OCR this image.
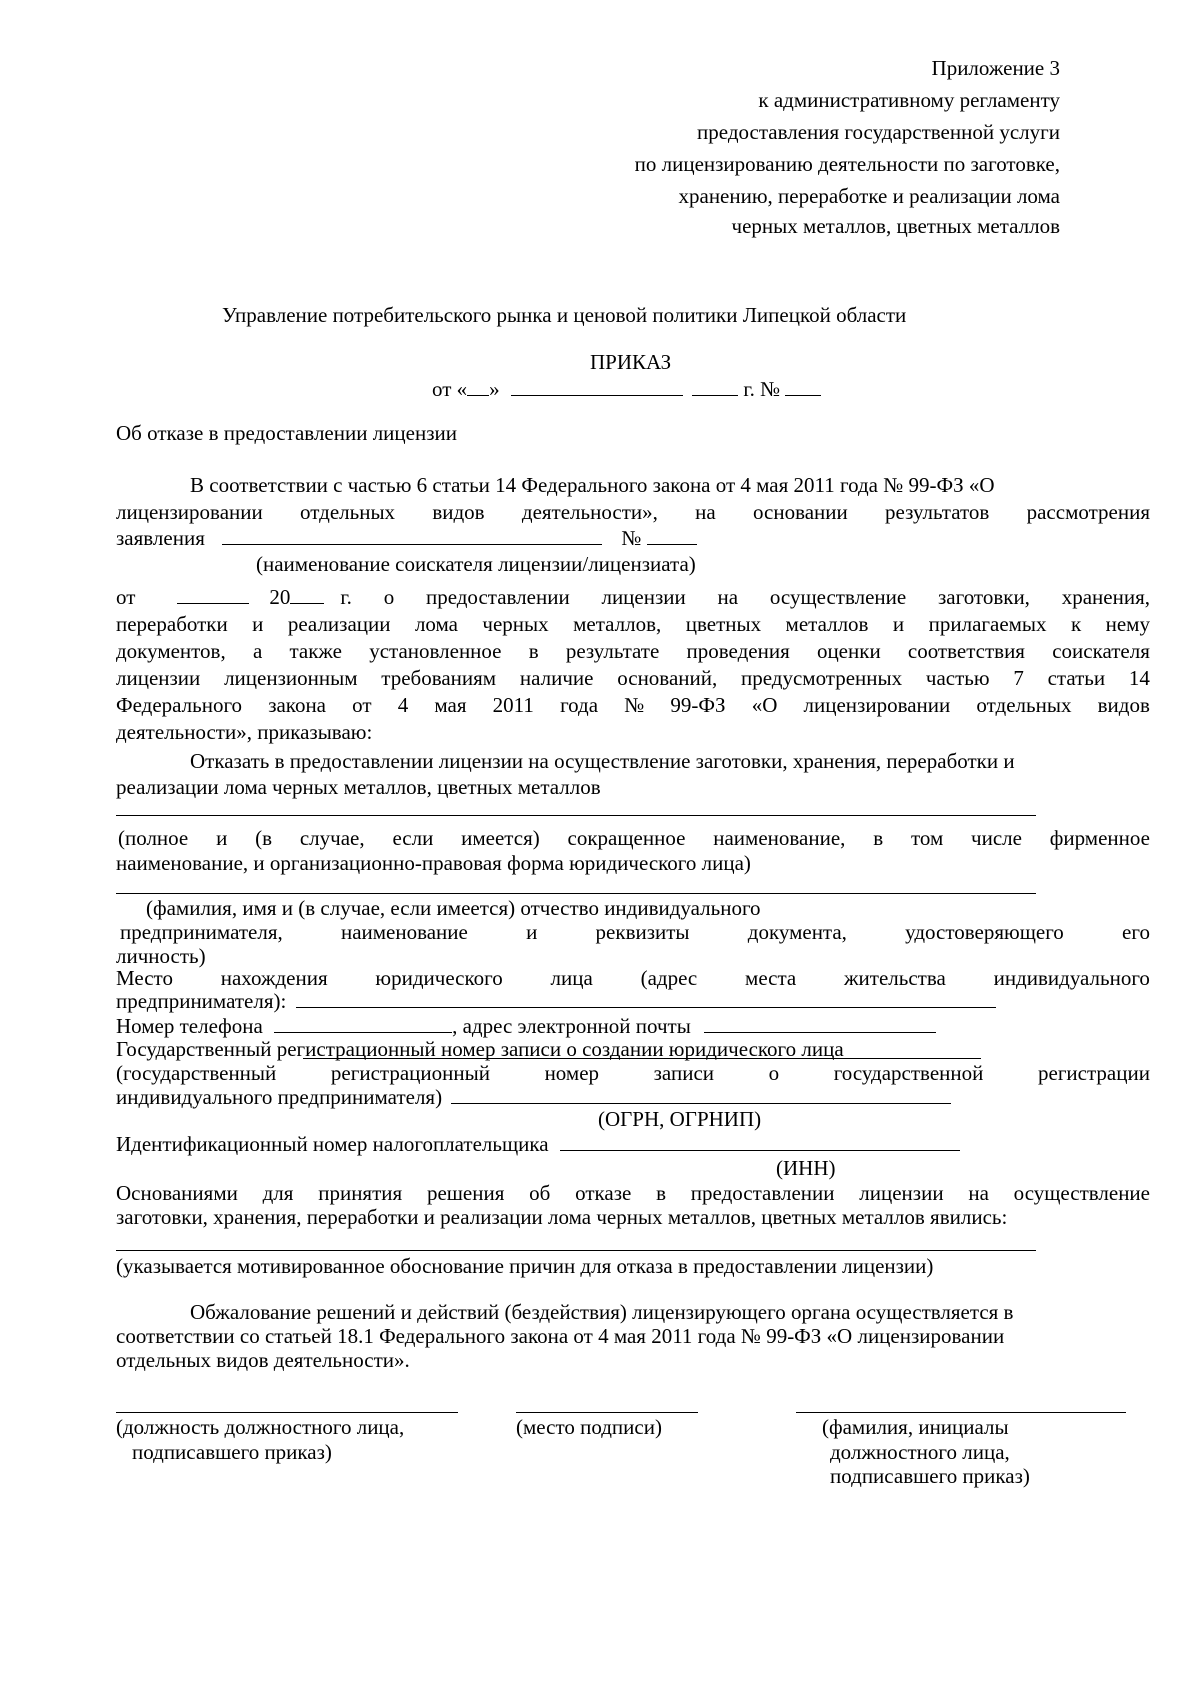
Приложение 3
к административному регламенту
предоставления государственной услуги
по лицензированию деятельности по заготовке,
хранению, переработке и реализации лома
черных металлов, цветных металлов
Управление потребительского рынка и ценовой политики Липецкой области
ПРИКАЗ
от « »	г. №
Об отказе в предоставлении лицензии
В соответствии с частью 6 статьи 14 Федерального закона от 4 мая 2011 года № 99-ФЗ «О
лицензировании отдельных видов деятельности», на основании результатов рассмотрения
заявления	№
(наименование соискателя лицензии/лицензиата)
от	20 г. о предоставлении лицензии на осуществление заготовки, хранения,
переработки и реализации лома черных металлов, цветных металлов и прилагаемых к нему
документов, а также установленное в результате проведения оценки соответствия соискателя
лицензии лицензионным требованиям наличие оснований, предусмотренных частью 7 статьи 14
Федерального закона от 4 мая 2011 года № 99-ФЗ «О лицензировании отдельных видов
деятельности», приказываю:
Отказать в предоставлении лицензии на осуществление заготовки, хранения, переработки и
реализации лома черных металлов, цветных металлов
(полное и (в случае, если имеется) сокращенное наименование, в том числе фирменное
наименование, и организационно-правовая форма юридического лица)
(фамилия, имя и (в случае, если имеется) отчество индивидуального
предпринимателя,	наименование	и	реквизиты	документа,	удостоверяющего	его
личность)
Место нахождения юридического лица (адрес места жительства индивидуального
предпринимателя):
Номер телефона	, адрес электронной почты
Государственный регистрационный номер записи о создании юридического лица
(государственный	регистрационный	номер	записи	о	государственной	регистрации
индивидуального предпринимателя)
(ОГРН, ОГРНИП)
Идентификационный номер налогоплательщика
(ИНН)
Основаниями для принятия решения об отказе в предоставлении лицензии на осуществление
заготовки, хранения, переработки и реализации лома черных металлов, цветных металлов явились:
(указывается мотивированное обоснование причин для отказа в предоставлении лицензии)
Обжалование решений и действий (бездействия) лицензирующего органа осуществляется в
соответствии со статьей 18.1 Федерального закона от 4 мая 2011 года № 99-ФЗ «О лицензировании
отдельных видов деятельности».
(должность должностного лица,
подписавшего приказ)
(место подписи)	(фамилия, инициалы
должностного лица,
подписавшего приказ)
